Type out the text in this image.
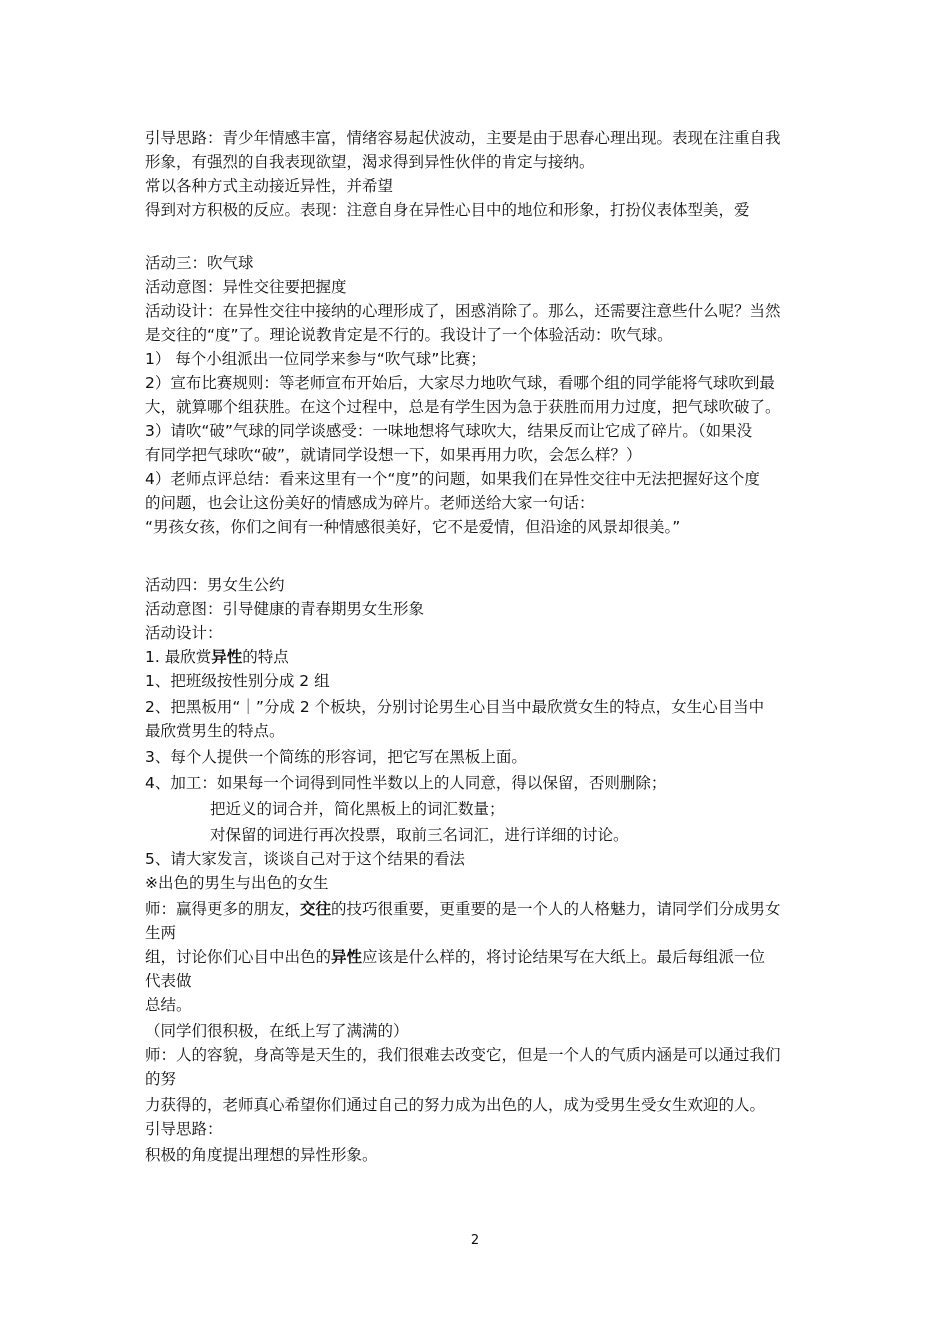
引导思路：青少年情感丰富，情绪容易起伏波动，主要是由于思春心理出现。表现在注重自我
形象，有强烈的自我表现欲望，渴求得到异性伙伴的肯定与接纳。
常以各种方式主动接近异性，并希望
得到对方积极的反应。表现：注意自身在异性心目中的地位和形象，打扮仪表体型美，爱
活动三：吹气球
活动意图：异性交往要把握度
活动设计：在异性交往中接纳的心理形成了，困惑消除了。那么，还需要注意些什么呢？当然
是交往的“度”了。理论说教肯定是不行的。我设计了一个体验活动：吹气球。
1） 每个小组派出一位同学来参与“吹气球”比赛；
2）宣布比赛规则：等老师宣布开始后，大家尽力地吹气球，看哪个组的同学能将气球吹到最
大，就算哪个组获胜。在这个过程中，总是有学生因为急于获胜而用力过度，把气球吹破了。
3）请吹“破”气球的同学谈感受：一味地想将气球吹大，结果反而让它成了碎片。（如果没
有同学把气球吹“破”，就请同学设想一下，如果再用力吹，会怎么样？）
4）老师点评总结：看来这里有一个“度”的问题，如果我们在异性交往中无法把握好这个度
的问题，也会让这份美好的情感成为碎片。老师送给大家一句话：
“男孩女孩，你们之间有一种情感很美好，它不是爱情，但沿途的风景却很美。”
活动四：男女生公约
活动意图：引导健康的青春期男女生形象
活动设计：
1. 最欣赏异性的特点
1、把班级按性别分成 2 组
2、把黑板用“｜”分成 2 个板块，分别讨论男生心目当中最欣赏女生的特点，女生心目当中
最欣赏男生的特点。
3、每个人提供一个简练的形容词，把它写在黑板上面。
4、加工：如果每一个词得到同性半数以上的人同意，得以保留，否则删除；
把近义的词合并，简化黑板上的词汇数量；
对保留的词进行再次投票，取前三名词汇，进行详细的讨论。
5、请大家发言，谈谈自己对于这个结果的看法
※出色的男生与出色的女生
师：赢得更多的朋友，交往的技巧很重要，更重要的是一个人的人格魅力，请同学们分成男女
生两
组，讨论你们心目中出色的异性应该是什么样的，将讨论结果写在大纸上。最后每组派一位
代表做
总结。
（同学们很积极，在纸上写了满满的）
师：人的容貌，身高等是天生的，我们很难去改变它，但是一个人的气质内涵是可以通过我们
的努
力获得的，老师真心希望你们通过自己的努力成为出色的人，成为受男生受女生欢迎的人。
引导思路：
积极的角度提出理想的异性形象。
2
